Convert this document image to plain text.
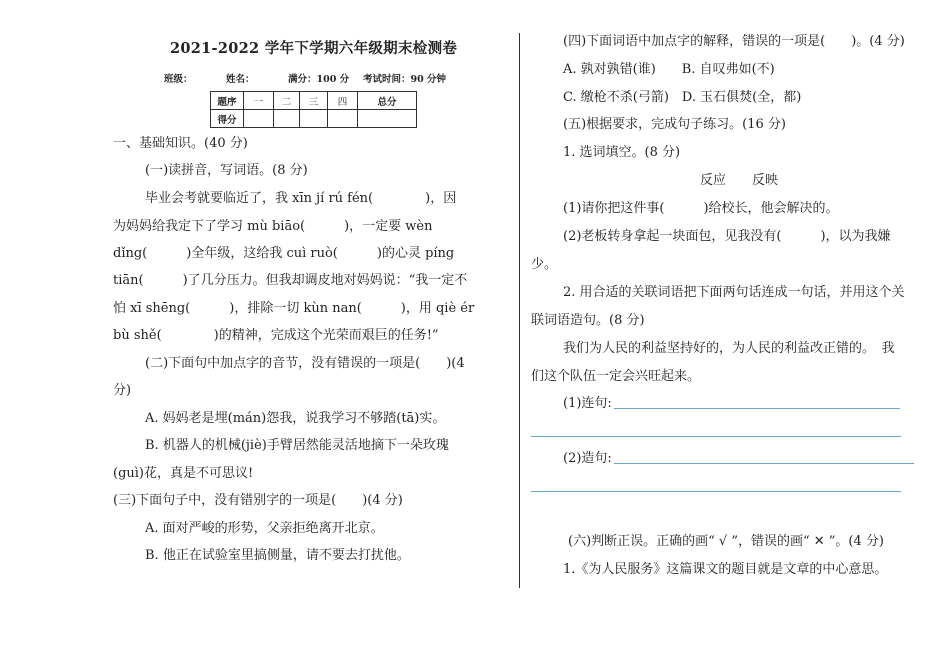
2021-2022 学年下学期六年级期末检测卷
班级：	姓名：	满分：100 分 考试时间：90 分钟
题序	一	二	三	四	总分
得分					
一、基础知识。(40 分)
(一)读拼音，写词语。(8 分)
毕业会考就要临近了，我 xīn jí rú fén(　　　　)，因
为妈妈给我定下了学习 mù biāo(　　　)，一定要 wèn
dǐng(　　　)全年级，这给我 cuì ruò(　　　)的心灵 píng
tiān(　　　)了几分压力。但我却调皮地对妈妈说：“我一定不
怕 xī shēng(　　　)，排除一切 kùn nan(　　　)，用 qiè ér
bù shě(　　　　)的精神，完成这个光荣而艰巨的任务!”
(二)下面句中加点字的音节，没有错误的一项是(　　)(4
分)
A. 妈妈老是埋(mán)怨我，说我学习不够踏(tā)实。
B. 机器人的机械(jiè)手臂居然能灵活地摘下一朵玫瑰
(guì)花，真是不可思议!
(三)下面句子中，没有错别字的一项是(　　)(4 分)
A. 面对严峻的形势，父亲拒绝离开北京。
B. 他正在试验室里搞侧量，请不要去打扰他。
(四)下面词语中加点字的解释，错误的一项是(　　)。(4 分)
A. 孰对孰错(谁)　　B. 自叹弗如(不)
C. 缴枪不杀(弓箭)　D. 玉石俱焚(全，都)
(五)根据要求，完成句子练习。(16 分)
1. 选词填空。(8 分)
反应　　反映
(1)请你把这件事(　　　)给校长，他会解决的。
(2)老板转身拿起一块面包，见我没有(　　　)，以为我嫌
少。
2. 用合适的关联词语把下面两句话连成一句话，并用这个关
联词语造句。(8 分)
我们为人民的利益坚持好的，为人民的利益改正错的。　我
们这个队伍一定会兴旺起来。
(1)连句:
(2)造句:
(六)判断正误。正确的画“ √ ”，错误的画“ ✕ ”。(4 分)
1.《为人民服务》这篇课文的题目就是文章的中心意思。
